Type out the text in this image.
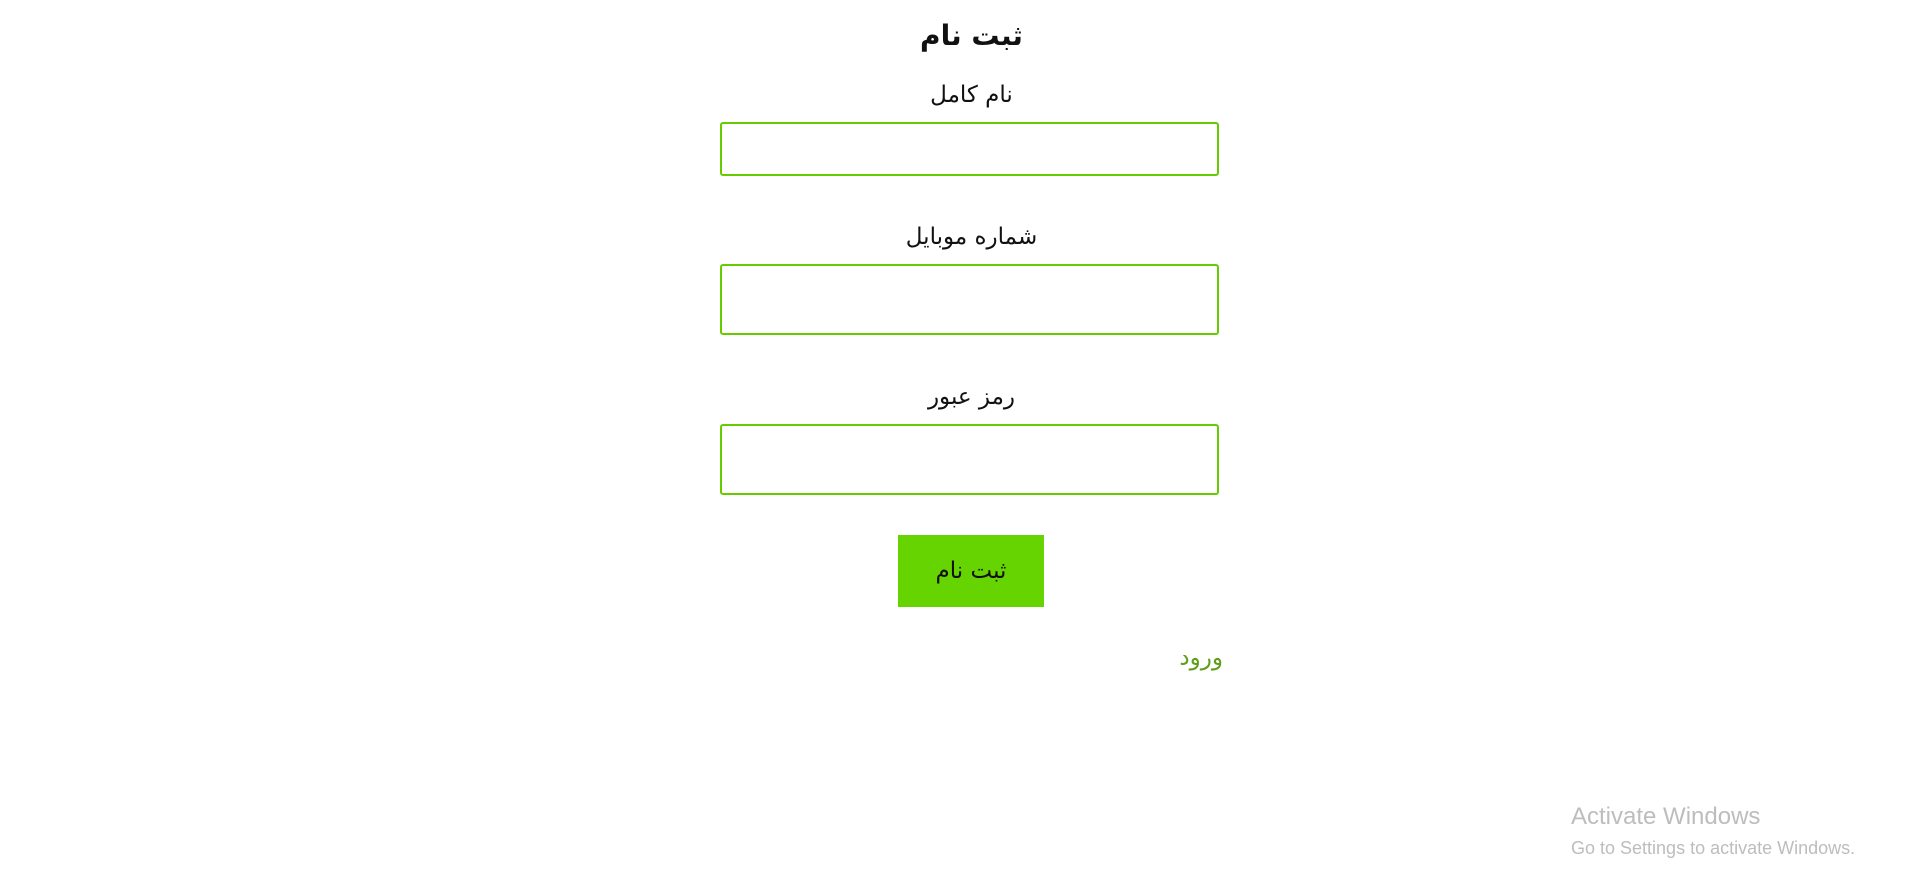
ثبت نام
نام کامل
شماره موبایل
رمز عبور
ثبت نام
ورود
Activate Windows
Go to Settings to activate Windows.
